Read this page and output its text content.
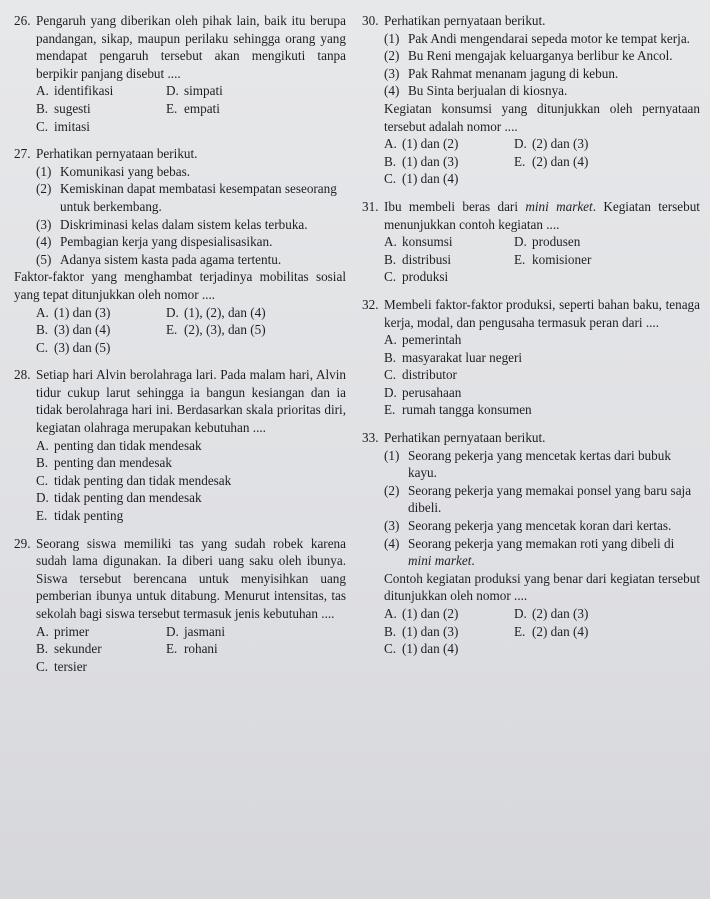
26. Pengaruh yang diberikan oleh pihak lain, baik itu berupa pandangan, sikap, maupun perilaku sehingga orang yang mendapat pengaruh tersebut akan mengikuti tanpa berpikir panjang disebut ....
A. identifikasi	D. simpati
B. sugesti	E. empati
C. imitasi
27. Perhatikan pernyataan berikut.
(1) Komunikasi yang bebas.
(2) Kemiskinan dapat membatasi kesempatan seseorang untuk berkembang.
(3) Diskriminasi kelas dalam sistem kelas terbuka.
(4) Pembagian kerja yang dispesialisasikan.
(5) Adanya sistem kasta pada agama tertentu.
Faktor-faktor yang menghambat terjadinya mobilitas sosial yang tepat ditunjukkan oleh nomor ....
A. (1) dan (3)	D. (1), (2), dan (4)
B. (3) dan (4)	E. (2), (3), dan (5)
C. (3) dan (5)
28. Setiap hari Alvin berolahraga lari. Pada malam hari, Alvin tidur cukup larut sehingga ia bangun kesiangan dan ia tidak berolahraga hari ini. Berdasarkan skala prioritas diri, kegiatan olahraga merupakan kebutuhan ....
A. penting dan tidak mendesak
B. penting dan mendesak
C. tidak penting dan tidak mendesak
D. tidak penting dan mendesak
E. tidak penting
29. Seorang siswa memiliki tas yang sudah robek karena sudah lama digunakan. Ia diberi uang saku oleh ibunya. Siswa tersebut berencana untuk menyisihkan uang pemberian ibunya untuk ditabung. Menurut intensitas, tas sekolah bagi siswa tersebut termasuk jenis kebutuhan ....
A. primer	D. jasmani
B. sekunder	E. rohani
C. tersier
30. Perhatikan pernyataan berikut.
(1) Pak Andi mengendarai sepeda motor ke tempat kerja.
(2) Bu Reni mengajak keluarganya berlibur ke Ancol.
(3) Pak Rahmat menanam jagung di kebun.
(4) Bu Sinta berjualan di kiosnya.
Kegiatan konsumsi yang ditunjukkan oleh pernyataan tersebut adalah nomor ....
A. (1) dan (2)	D. (2) dan (3)
B. (1) dan (3)	E. (2) dan (4)
C. (1) dan (4)
31. Ibu membeli beras dari mini market. Kegiatan tersebut menunjukkan contoh kegiatan ....
A. konsumsi	D. produsen
B. distribusi	E. komisioner
C. produksi
32. Membeli faktor-faktor produksi, seperti bahan baku, tenaga kerja, modal, dan pengusaha termasuk peran dari ....
A. pemerintah
B. masyarakat luar negeri
C. distributor
D. perusahaan
E. rumah tangga konsumen
33. Perhatikan pernyataan berikut.
(1) Seorang pekerja yang mencetak kertas dari bubuk kayu.
(2) Seorang pekerja yang memakai ponsel yang baru saja dibeli.
(3) Seorang pekerja yang mencetak koran dari kertas.
(4) Seorang pekerja yang memakan roti yang dibeli di mini market.
Contoh kegiatan produksi yang benar dari kegiatan tersebut ditunjukkan oleh nomor ....
A. (1) dan (2)	D. (2) dan (3)
B. (1) dan (3)	E. (2) dan (4)
C. (1) dan (4)
